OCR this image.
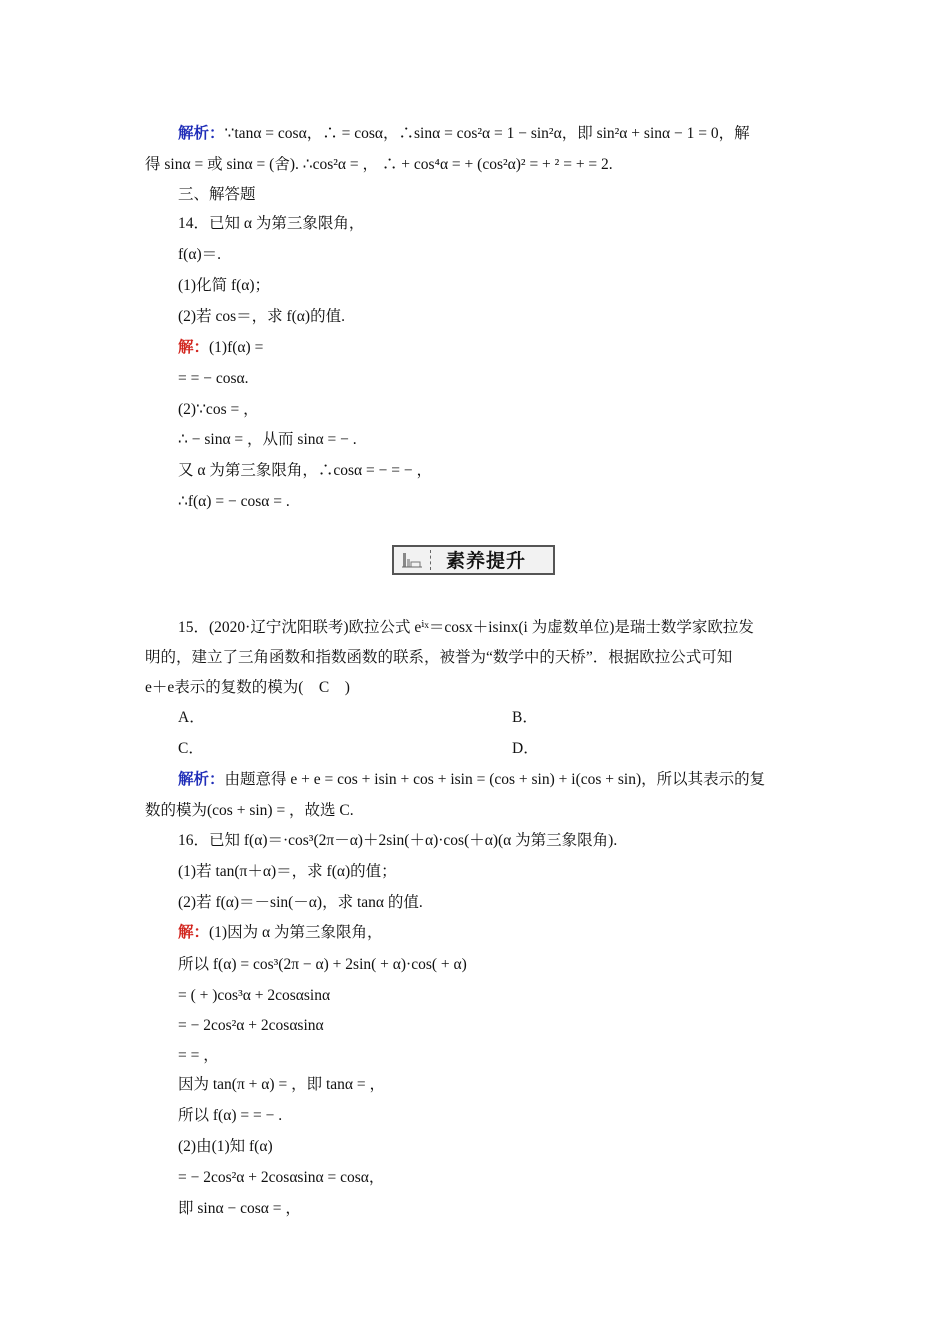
解析：∵tanα = cosα，∴ = cosα，∴sinα = cos²α = 1 − sin²α，即 sin²α + sinα − 1 = 0，解
得 sinα = 或 sinα = (舍). ∴cos²α = ， ∴ + cos⁴α = + (cos²α)² = + ² = + = 2.
三、解答题
14．已知 α 为第三象限角，
f(α)＝.
(1)化简 f(α)；
(2)若 cos＝，求 f(α)的值.
解：(1)f(α) =
= = − cosα.
(2)∵cos = ，
∴ − sinα = ，从而 sinα = − .
又 α 为第三象限角，∴cosα = − = − ，
∴f(α) = − cosα = .
素养提升
15．(2020·辽宁沈阳联考)欧拉公式 eⁱˣ＝cosx＋isinx(i 为虚数单位)是瑞士数学家欧拉发
明的，建立了三角函数和指数函数的联系，被誉为“数学中的天桥”．根据欧拉公式可知
e＋e表示的复数的模为(　C　)
A．	B．
C．	D．
解析：由题意得 e + e = cos + isin + cos + isin = (cos + sin) + i(cos + sin)，所以其表示的复
数的模为(cos + sin) = ，故选 C.
16．已知 f(α)＝·cos³(2π－α)＋2sin(＋α)·cos(＋α)(α 为第三象限角).
(1)若 tan(π＋α)＝，求 f(α)的值；
(2)若 f(α)＝－sin(－α)，求 tanα 的值.
解：(1)因为 α 为第三象限角，
所以 f(α) = cos³(2π − α) + 2sin( + α)·cos( + α)
= ( + )cos³α + 2cosαsinα
= − 2cos²α + 2cosαsinα
= = ，
因为 tan(π + α) = ，即 tanα = ，
所以 f(α) = = − .
(2)由(1)知 f(α)
= − 2cos²α + 2cosαsinα = cosα，
即 sinα − cosα = ，
